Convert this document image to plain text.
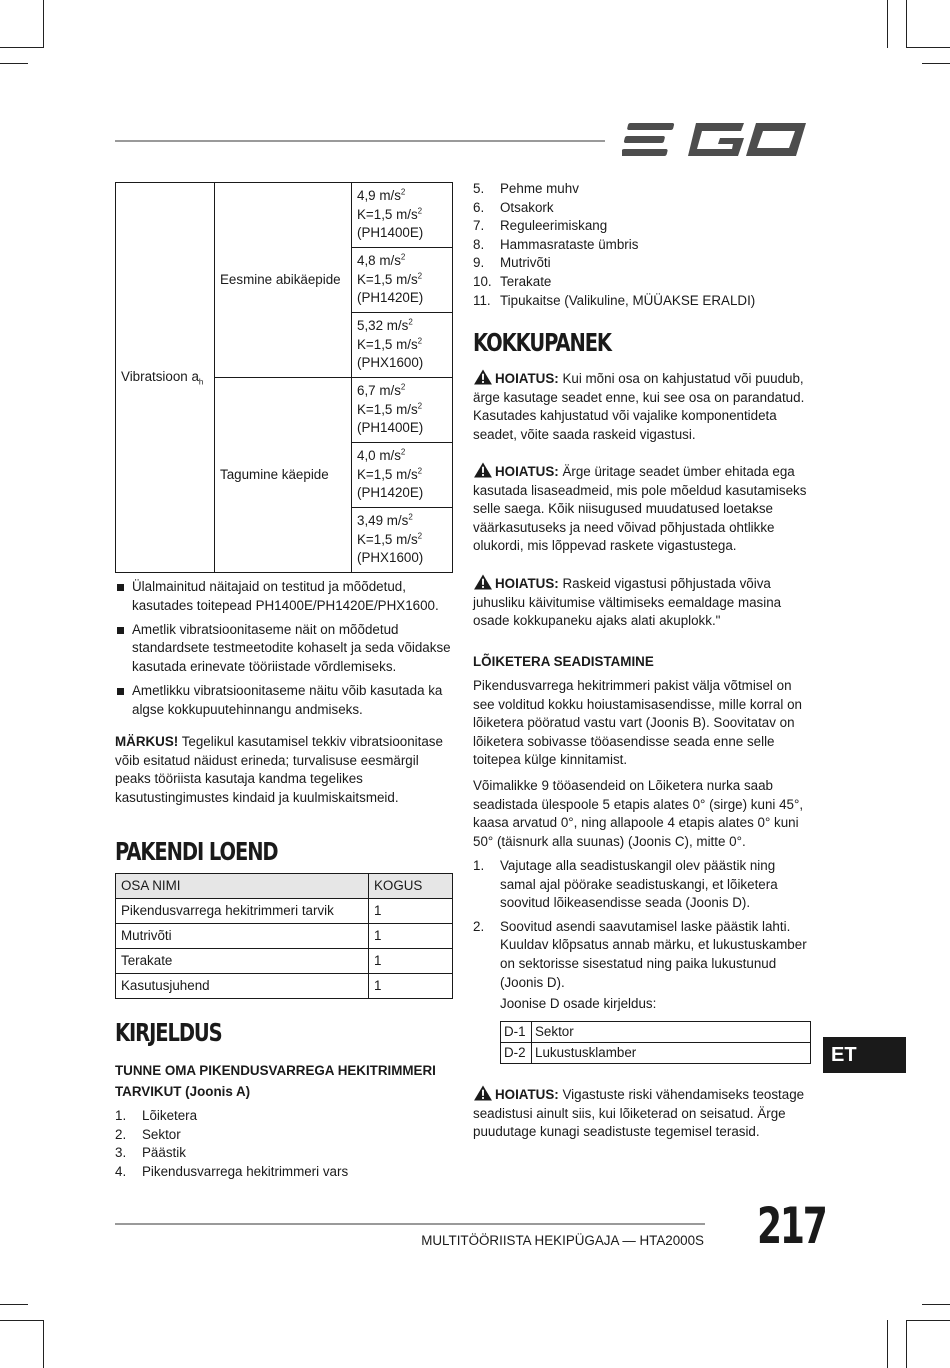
Vibratsioon $a_h$	Eesmine abikäepide	4,9 $m/s^2$
K=1,5 $m/s^2$
(PH1400E)
		4,8 $m/s^2$
K=1,5 $m/s^2$
(PH1420E)
		5,32 $m/s^2$
K=1,5 $m/s^2$
(PHX1600)
	Tagumine käepide	6,7 $m/s^2$
K=1,5 $m/s^2$
(PH1400E)
		4,0 $m/s^2$
K=1,5 $m/s^2$
(PH1420E)
		3,49 $m/s^2$
K=1,5 $m/s^2$
(PHX1600)
Ülalmainitud näitajaid on testitud ja mõõdetud, kasutades toitepead PH1400E/PH1420E/PHX1600.
Ametlik vibratsioonitaseme näit on mõõdetud standardsete testmeetodite kohaselt ja seda võidakse kasutada erinevate tööriistade võrdlemiseks.
Ametlikku vibratsioonitaseme näitu võib kasutada ka algse kokkupuutehinnangu andmiseks.
MÄRKUS! Tegelikul kasutamisel tekkiv vibratsioonitase võib esitatud näidust erineda; turvalisuse eesmärgil peaks tööriista kasutaja kandma tegelikes kasutustingimustes kindaid ja kuulmiskaitsmeid.
PAKENDI LOEND
OSA NIMI	KOGUS
Pikendusvarrega hekitrimmeri tarvik	1
Mutrivõti	1
Terakate	1
Kasutusjuhend	1
KIRJELDUS
TUNNE OMA PIKENDUSVARREGA HEKITRIMMERI
TARVIKUT (Joonis A)
1. Lõiketera
2. Sektor
3. Päästik
4. Pikendusvarrega hekitrimmeri vars
5. Pehme muhv
6. Otsakork
7. Reguleerimiskang
8. Hammasrataste ümbris
9. Mutrivõti
10. Terakate
11. Tipukaitse (Valikuline, MÜÜAKSE ERALDI)
KOKKUPANEK
HOIATUS: Kui mõni osa on kahjustatud või puudub, ärge kasutage seadet enne, kui see osa on parandatud. Kasutades kahjustatud või vajalike komponentideta seadet, võite saada raskeid vigastusi.
HOIATUS: Ärge üritage seadet ümber ehitada ega kasutada lisaseadmeid, mis pole mõeldud kasutamiseks selle saega. Kõik niisugused muudatused loetakse väärkasutuseks ja need võivad põhjustada ohtlikke olukordi, mis lõppevad raskete vigastustega.
HOIATUS: Raskeid vigastusi põhjustada võiva juhusliku käivitumise vältimiseks eemaldage masina osade kokkupaneku ajaks alati akuplokk."
LÕIKETERA SEADISTAMINE
Pikendusvarrega hekitrimmeri pakist välja võtmisel on see volditud kokku hoiustamisasendisse, mille korral on lõiketera pööratud vastu vart (Joonis B). Soovitatav on lõiketera sobivasse tööasendisse seada enne selle toitepea külge kinnitamist.
Võimalikke 9 tööasendeid on Lõiketera nurka saab seadistada ülespoole 5 etapis alates 0° (sirge) kuni 45°, kaasa arvatud 0°, ning allapoole 4 etapis alates 0° kuni 50° (täisnurk alla suunas) (Joonis C), mitte 0°.
1. Vajutage alla seadistuskangil olev päästik ning samal ajal pöörake seadistuskangi, et lõiketera soovitud lõikeasendisse seada (Joonis D).
2. Soovitud asendi saavutamisel laske päästik lahti. Kuuldav klõpsatus annab märku, et lukustuskamber on sektorisse sisestatud ning paika lukustunud (Joonis D).
Joonise D osade kirjeldus:
D-1	Sektor
D-2	Lukustusklamber	ET
HOIATUS: Vigastuste riski vähendamiseks teostage seadistusi ainult siis, kui lõiketerad on seisatud. Ärge puudutage kunagi seadistuste tegemisel terasid.
MULTITÖÖRIISTA HEKIPÜGAJA — HTA2000S 217
